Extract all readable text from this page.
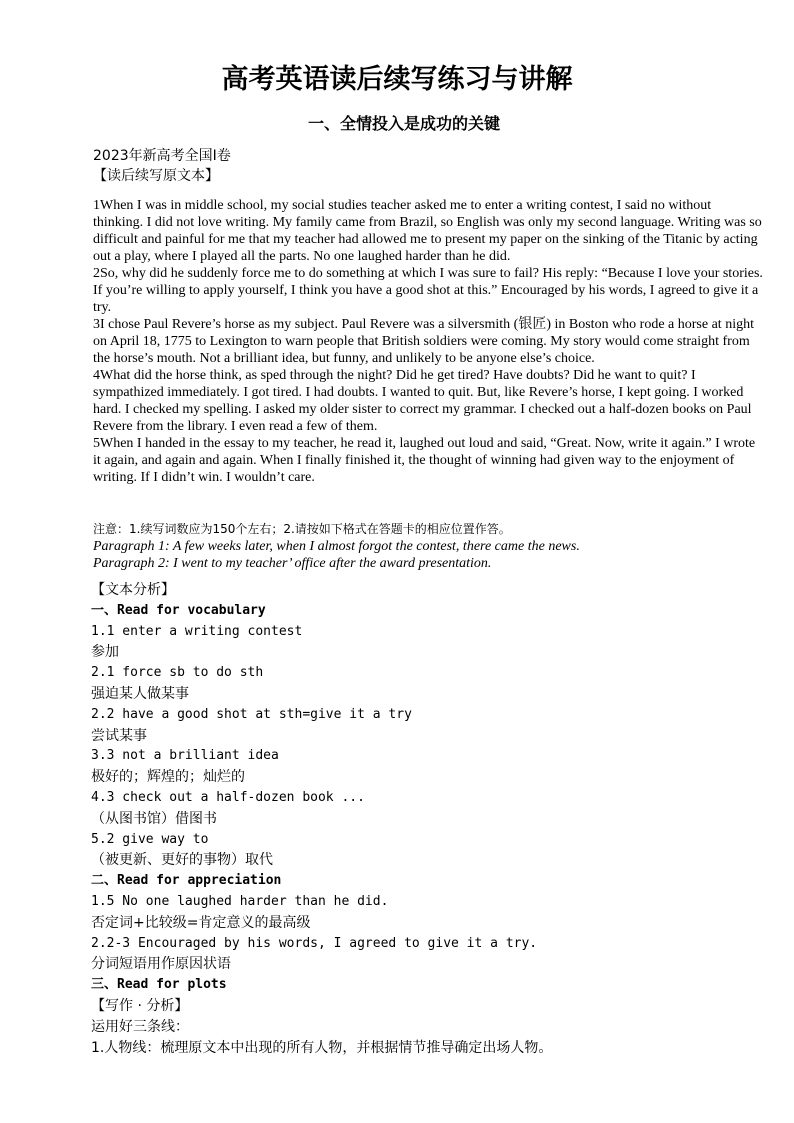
高考英语读后续写练习与讲解
一、全情投入是成功的关键
2023年新高考全国Ⅰ卷
【读后续写原文本】

1When I was in middle school, my social studies teacher asked me to enter a writing contest, I said no without thinking. I did not love writing. My family came from Brazil, so English was only my second language. Writing was so difficult and painful for me that my teacher had allowed me to present my paper on the sinking of the Titanic by acting out a play, where I played all the parts. No one laughed harder than he did.

2So, why did he suddenly force me to do something at which I was sure to fail? His reply: “Because I love your stories. If you’re willing to apply yourself, I think you have a good shot at this.” Encouraged by his words, I agreed to give it a try.

3I chose Paul Revere’s horse as my subject. Paul Revere was a silversmith (银匠) in Boston who rode a horse at night on April 18, 1775 to Lexington to warn people that British soldiers were coming. My story would come straight from the horse’s mouth. Not a brilliant idea, but funny, and unlikely to be anyone else’s choice.

4What did the horse think, as sped through the night? Did he get tired? Have doubts? Did he want to quit? I sympathized immediately. I got tired. I had doubts. I wanted to quit. But, like Revere’s horse, I kept going. I worked hard. I checked my spelling. I asked my older sister to correct my grammar. I checked out a half-dozen books on Paul Revere from the library. I even read a few of them.

5When I handed in the essay to my teacher, he read it, laughed out loud and said, “Great. Now, write it again.” I wrote it again, and again and again. When I finally finished it, the thought of winning had given way to the enjoyment of writing. If I didn’t win. I wouldn’t care.

注意：1.续写词数应为150个左右；2.请按如下格式在答题卡的相应位置作答。
Paragraph 1: A few weeks later, when I almost forgot the contest, there came the news.
Paragraph 2: I went to my teacher’ office after the award presentation.
【文本分析】
一、Read for vocabulary
1.1 enter a writing contest
参加
2.1 force sb to do sth
强迫某人做某事
2.2 have a good shot at sth=give it a try
尝试某事
3.3 not a brilliant idea
极好的；辉煌的；灿烂的
4.3 check out a half-dozen book ...
（从图书馆）借图书
5.2 give way to
（被更新、更好的事物）取代
二、Read for appreciation
1.5 No one laughed harder than he did.
否定词+比较级=肯定意义的最高级
2.2-3 Encouraged by his words, I agreed to give it a try.
分词短语用作原因状语
三、Read for plots
【写作 · 分析】
运用好三条线：
1.人物线：梳理原文本中出现的所有人物，并根据情节推导确定出场人物。
